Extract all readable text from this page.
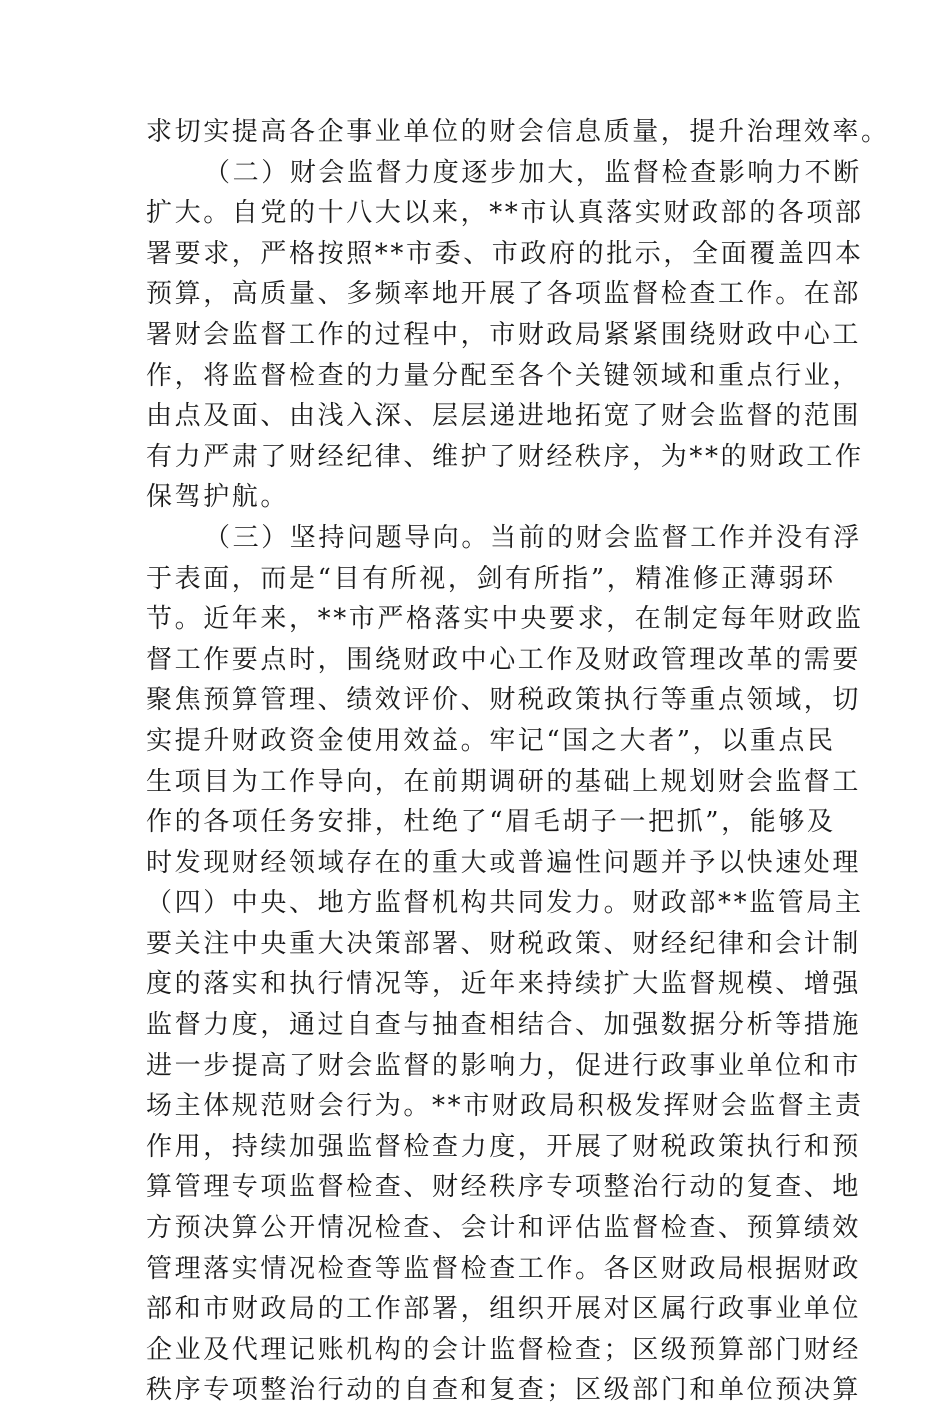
求切实提高各企事业单位的财会信息质量，提升治理效率。
（二）财会监督力度逐步加大，监督检查影响力不断
扩大。自党的十八大以来，**市认真落实财政部的各项部
署要求，严格按照**市委、市政府的批示，全面覆盖四本
预算，高质量、多频率地开展了各项监督检查工作。在部
署财会监督工作的过程中，市财政局紧紧围绕财政中心工
作，将监督检查的力量分配至各个关键领域和重点行业，
由点及面、由浅入深、层层递进地拓宽了财会监督的范围
有力严肃了财经纪律、维护了财经秩序，为**的财政工作
保驾护航。
（三）坚持问题导向。当前的财会监督工作并没有浮
于表面，而是“目有所视，剑有所指”，精准修正薄弱环
节。近年来，**市严格落实中央要求，在制定每年财政监
督工作要点时，围绕财政中心工作及财政管理改革的需要
聚焦预算管理、绩效评价、财税政策执行等重点领域，切
实提升财政资金使用效益。牢记“国之大者”，以重点民
生项目为工作导向，在前期调研的基础上规划财会监督工
作的各项任务安排，杜绝了“眉毛胡子一把抓”，能够及
时发现财经领域存在的重大或普遍性问题并予以快速处理
（四）中央、地方监督机构共同发力。财政部**监管局主
要关注中央重大决策部署、财税政策、财经纪律和会计制
度的落实和执行情况等，近年来持续扩大监督规模、增强
监督力度，通过自查与抽查相结合、加强数据分析等措施
进一步提高了财会监督的影响力，促进行政事业单位和市
场主体规范财会行为。**市财政局积极发挥财会监督主责
作用，持续加强监督检查力度，开展了财税政策执行和预
算管理专项监督检查、财经秩序专项整治行动的复查、地
方预决算公开情况检查、会计和评估监督检查、预算绩效
管理落实情况检查等监督检查工作。各区财政局根据财政
部和市财政局的工作部署，组织开展对区属行政事业单位
企业及代理记账机构的会计监督检查；区级预算部门财经
秩序专项整治行动的自查和复查；区级部门和单位预决算
